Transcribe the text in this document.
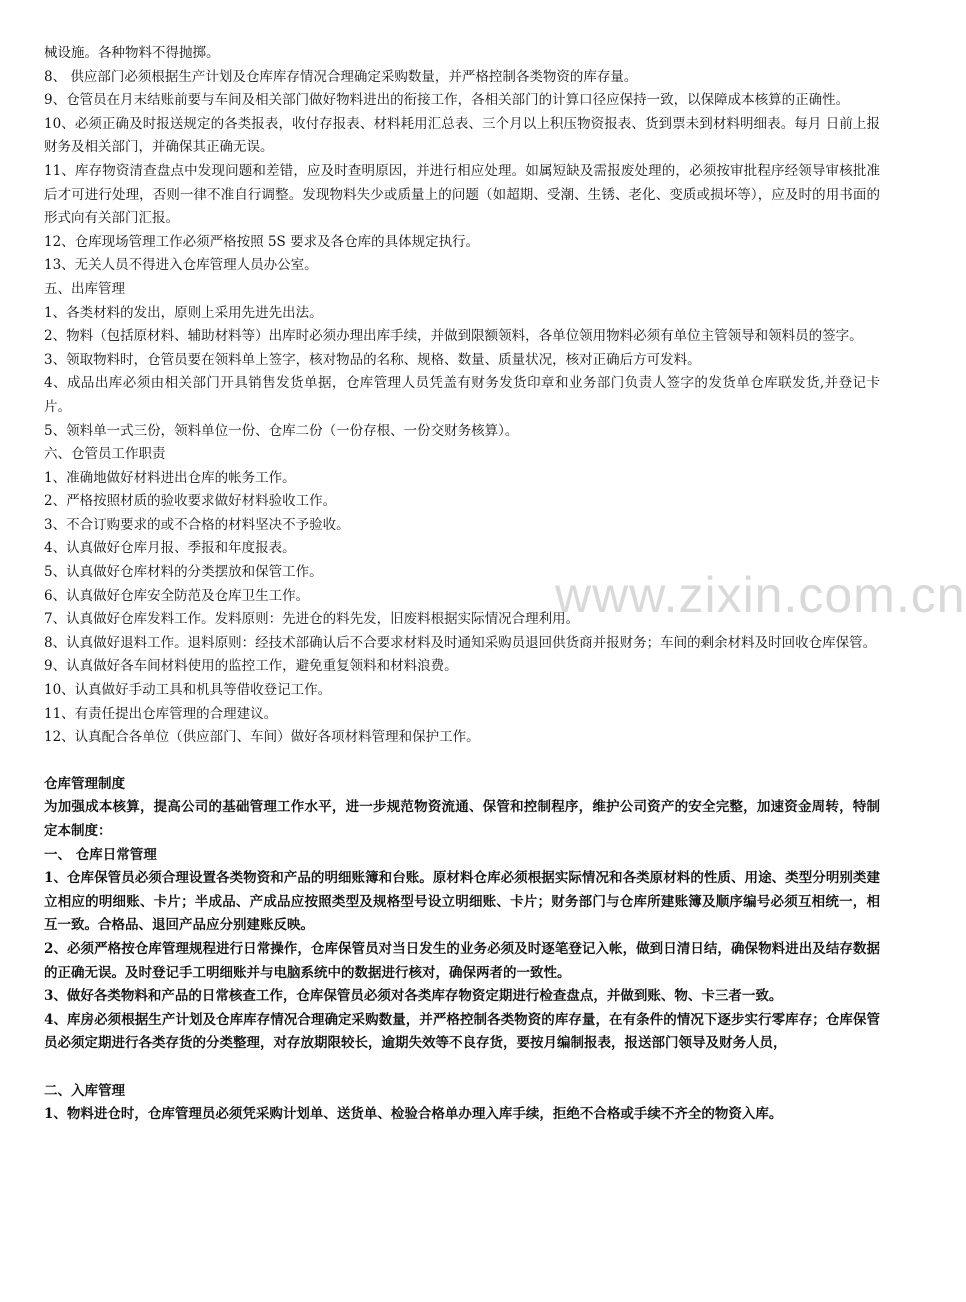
械设施。各种物料不得抛掷。

8、 供应部门必须根据生产计划及仓库库存情况合理确定采购数量，并严格控制各类物资的库存量。

9、仓管员在月末结账前要与车间及相关部门做好物料进出的衔接工作，各相关部门的计算口径应保持一致，以保障成本核算的正确性。

10、必须正确及时报送规定的各类报表，收付存报表、材料耗用汇总表、三个月以上积压物资报表、货到票未到材料明细表。每月 日前上报财务及相关部门，并确保其正确无误。

11、库存物资清查盘点中发现问题和差错，应及时查明原因，并进行相应处理。如属短缺及需报废处理的，必须按审批程序经领导审核批准后才可进行处理，否则一律不准自行调整。发现物料失少或质量上的问题（如超期、受潮、生锈、老化、变质或损坏等），应及时的用书面的形式向有关部门汇报。

12、仓库现场管理工作必须严格按照 5S 要求及各仓库的具体规定执行。

13、无关人员不得进入仓库管理人员办公室。

五、出库管理

1、各类材料的发出，原则上采用先进先出法。

2、物料（包括原材料、辅助材料等）出库时必须办理出库手续，并做到限额领料，各单位领用物料必须有单位主管领导和领料员的签字。

3、领取物料时，仓管员要在领料单上签字，核对物品的名称、规格、数量、质量状况，核对正确后方可发料。

4、成品出库必须由相关部门开具销售发货单据，仓库管理人员凭盖有财务发货印章和业务部门负责人签字的发货单仓库联发货,并登记卡片。

5、领料单一式三份，领料单位一份、仓库二份（一份存根、一份交财务核算）。

六、仓管员工作职责

1、准确地做好材料进出仓库的帐务工作。

2、严格按照材质的验收要求做好材料验收工作。

3、不合订购要求的或不合格的材料坚决不予验收。

4、认真做好仓库月报、季报和年度报表。

5、认真做好仓库材料的分类摆放和保管工作。

6、认真做好仓库安全防范及仓库卫生工作。

7、认真做好仓库发料工作。发料原则：先进仓的料先发，旧废料根据实际情况合理利用。

8、认真做好退料工作。退料原则：经技术部确认后不合要求材料及时通知采购员退回供货商并报财务；车间的剩余材料及时回收仓库保管。

9、认真做好各车间材料使用的监控工作，避免重复领料和材料浪费。

10、认真做好手动工具和机具等借收登记工作。

11、有责任提出仓库管理的合理建议。

12、认真配合各单位（供应部门、车间）做好各项材料管理和保护工作。

仓库管理制度

为加强成本核算，提高公司的基础管理工作水平，进一步规范物资流通、保管和控制程序，维护公司资产的安全完整，加速资金周转，特制定本制度：

一、 仓库日常管理

1、仓库保管员必须合理设置各类物资和产品的明细账簿和台账。原材料仓库必须根据实际情况和各类原材料的性质、用途、类型分明别类建立相应的明细账、卡片；半成品、产成品应按照类型及规格型号设立明细账、卡片；财务部门与仓库所建账簿及顺序编号必须互相统一，相互一致。合格品、退回产品应分别建账反映。

2、必须严格按仓库管理规程进行日常操作，仓库保管员对当日发生的业务必须及时逐笔登记入帐，做到日清日结，确保物料进出及结存数据的正确无误。及时登记手工明细账并与电脑系统中的数据进行核对，确保两者的一致性。

3、做好各类物料和产品的日常核查工作，仓库保管员必须对各类库存物资定期进行检查盘点，并做到账、物、卡三者一致。

4、库房必须根据生产计划及仓库库存情况合理确定采购数量，并严格控制各类物资的库存量，在有条件的情况下逐步实行零库存；仓库保管员必须定期进行各类存货的分类整理，对存放期限较长，逾期失效等不良存货，要按月编制报表，报送部门领导及财务人员，

二、入库管理

1、物料进仓时，仓库管理员必须凭采购计划单、送货单、检验合格单办理入库手续，拒绝不合格或手续不齐全的物资入库。

www.zixin.com.cn
